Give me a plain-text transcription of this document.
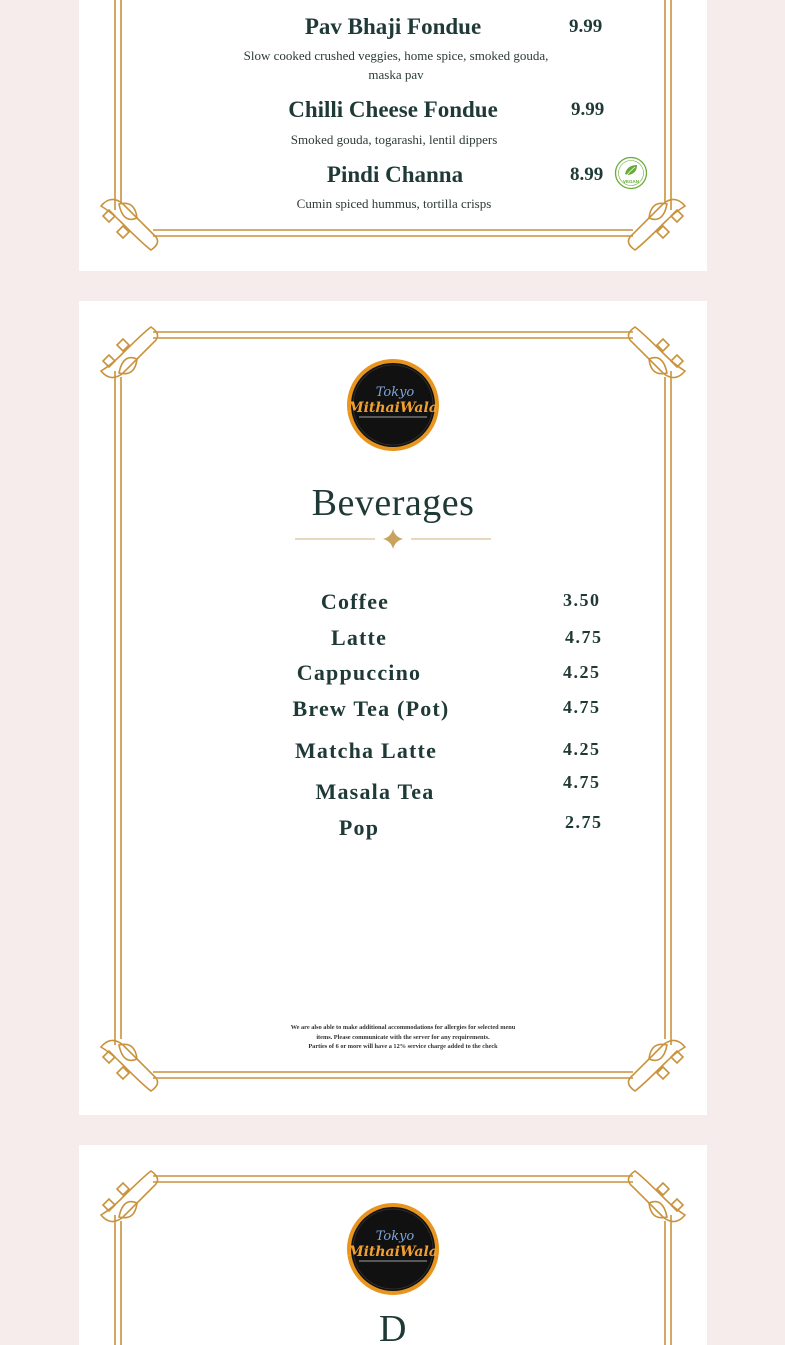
Pav Bhaji Fondue	9.99
Slow cooked crushed veggies, home spice, smoked gouda,
maska pav
Chilli Cheese Fondue	9.99
Smoked gouda, togarashi, lentil dippers
Pindi Channa	8.99	VEGAN
Cumin spiced hummus, tortilla crisps
Tokyo
MithaiWala
Beverages
Coffee	3.50
Latte	4.75
Cappuccino	4.25
Brew Tea (Pot)	4.75
Matcha Latte	4.25
Masala Tea	4.75
Pop	2.75
We are also able to make additional accommodations for allergies for selected menu
items. Please communicate with the server for any requirements.
Parties of 6 or more will have a 12% service charge added to the check
Tokyo
MithaiWala
D
